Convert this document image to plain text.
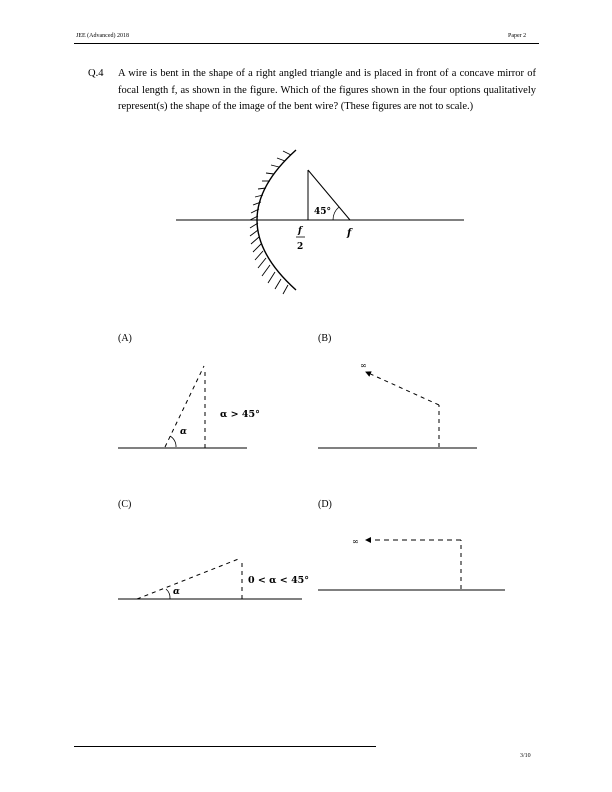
JEE (Advanced) 2018	Paper 2
Q.4 A wire is bent in the shape of a right angled triangle and is placed in front of a concave mirror of focal length f, as shown in the figure. Which of the figures shown in the four options qualitatively represent(s) the shape of the image of the bent wire? (These figures are not to scale.)
45°
f
2
f
α
α > 45°
∞
α
0 < α < 45°
∞
(A)	(B)
(C)	(D)
3/10
